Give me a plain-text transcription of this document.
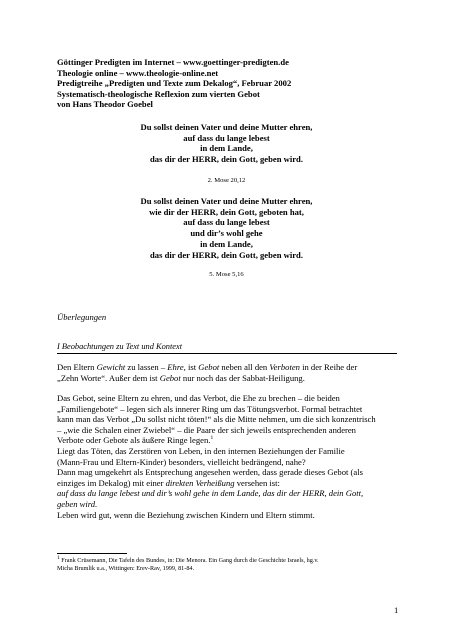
Göttinger Predigten im Internet – www.goettinger-predigten.de
Theologie online – www.theologie-online.net
Predigtreihe „Predigten und Texte zum Dekalog“, Februar 2002
Systematisch-theologische Reflexion zum vierten Gebot
von Hans Theodor Goebel
Du sollst deinen Vater und deine Mutter ehren,
auf dass du lange lebest
in dem Lande,
das dir der HERR, dein Gott, geben wird.
2. Mose 20,12
Du sollst deinen Vater und deine Mutter ehren,
wie dir der HERR, dein Gott, geboten hat,
auf dass du lange lebest
und dir’s wohl gehe
in dem Lande,
das dir der HERR, dein Gott, geben wird.
5. Mose 5,16
Überlegungen
I Beobachtungen zu Text und Kontext
Den Eltern Gewicht zu lassen – Ehre, ist Gebot neben all den Verboten in der Reihe der
„Zehn Worte“. Außer dem ist Gebot nur noch das der Sabbat-Heiligung.
Das Gebot, seine Eltern zu ehren, und das Verbot, die Ehe zu brechen – die beiden
„Familiengebote“ – legen sich als innerer Ring um das Tötungsverbot. Formal betrachtet
kann man das Verbot „Du sollst nicht töten!“ als die Mitte nehmen, um die sich konzentrisch
– „wie die Schalen einer Zwiebel“ – die Paare der sich jeweils entsprechenden anderen
Verbote oder Gebote als äußere Ringe legen.$^1$
Liegt das Töten, das Zerstören von Leben, in den internen Beziehungen der Familie
(Mann-Frau und Eltern-Kinder) besonders, vielleicht bedrängend, nahe?
Dann mag umgekehrt als Entsprechung angesehen werden, dass gerade dieses Gebot (als
einziges im Dekalog) mit einer direkten Verheißung versehen ist:
auf dass du lange lebest und dir’s wohl gehe in dem Lande, das dir der HERR, dein Gott,
geben wird.
Leben wird gut, wenn die Beziehung zwischen Kindern und Eltern stimmt.
1 Frank Crüsemann, Die Tafeln des Bundes, in: Die Menora. Ein Gang durch die Geschichte Israels, hg.v.
Micha Brumlik u.a., Wittingen: Erev-Rav, 1999, 81-84.
1
